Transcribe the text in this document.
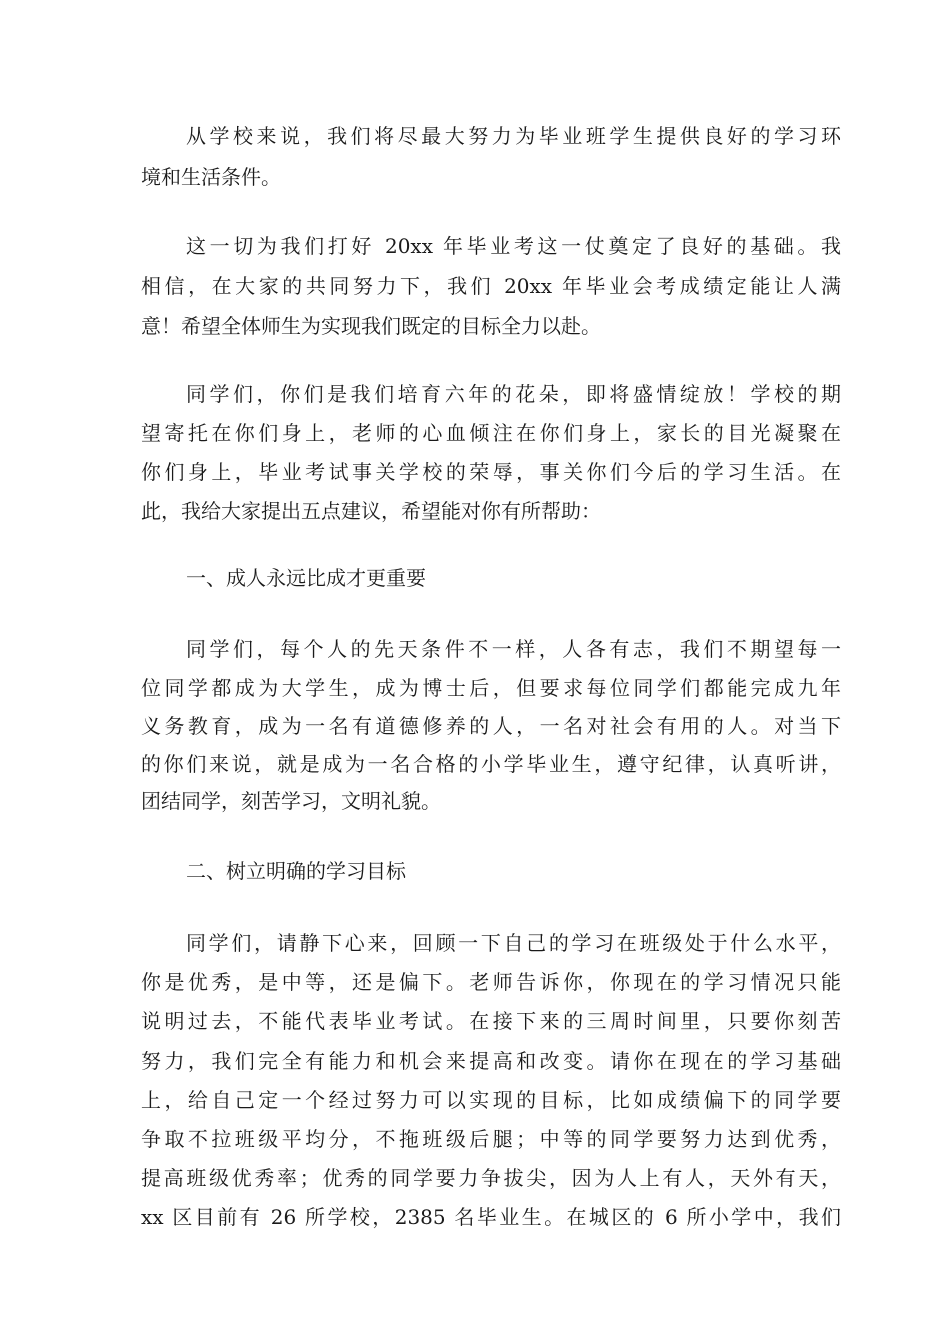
从学校来说，我们将尽最大努力为毕业班学生提供良好的学习环

境和生活条件。

这一切为我们打好 20xx 年毕业考这一仗奠定了良好的基础。我

相信，在大家的共同努力下，我们 20xx 年毕业会考成绩定能让人满

意！希望全体师生为实现我们既定的目标全力以赴。

同学们，你们是我们培育六年的花朵，即将盛情绽放！学校的期

望寄托在你们身上，老师的心血倾注在你们身上，家长的目光凝聚在

你们身上，毕业考试事关学校的荣辱，事关你们今后的学习生活。在

此，我给大家提出五点建议，希望能对你有所帮助：

一、成人永远比成才更重要

同学们，每个人的先天条件不一样，人各有志，我们不期望每一

位同学都成为大学生，成为博士后，但要求每位同学们都能完成九年

义务教育，成为一名有道德修养的人，一名对社会有用的人。对当下

的你们来说，就是成为一名合格的小学毕业生，遵守纪律，认真听讲，

团结同学，刻苦学习，文明礼貌。

二、树立明确的学习目标

同学们，请静下心来，回顾一下自己的学习在班级处于什么水平，

你是优秀，是中等，还是偏下。老师告诉你，你现在的学习情况只能

说明过去，不能代表毕业考试。在接下来的三周时间里，只要你刻苦

努力，我们完全有能力和机会来提高和改变。请你在现在的学习基础

上，给自己定一个经过努力可以实现的目标，比如成绩偏下的同学要

争取不拉班级平均分，不拖班级后腿；中等的同学要努力达到优秀，

提高班级优秀率；优秀的同学要力争拔尖，因为人上有人，天外有天，

xx 区目前有 26 所学校，2385 名毕业生。在城区的 6 所小学中，我们
